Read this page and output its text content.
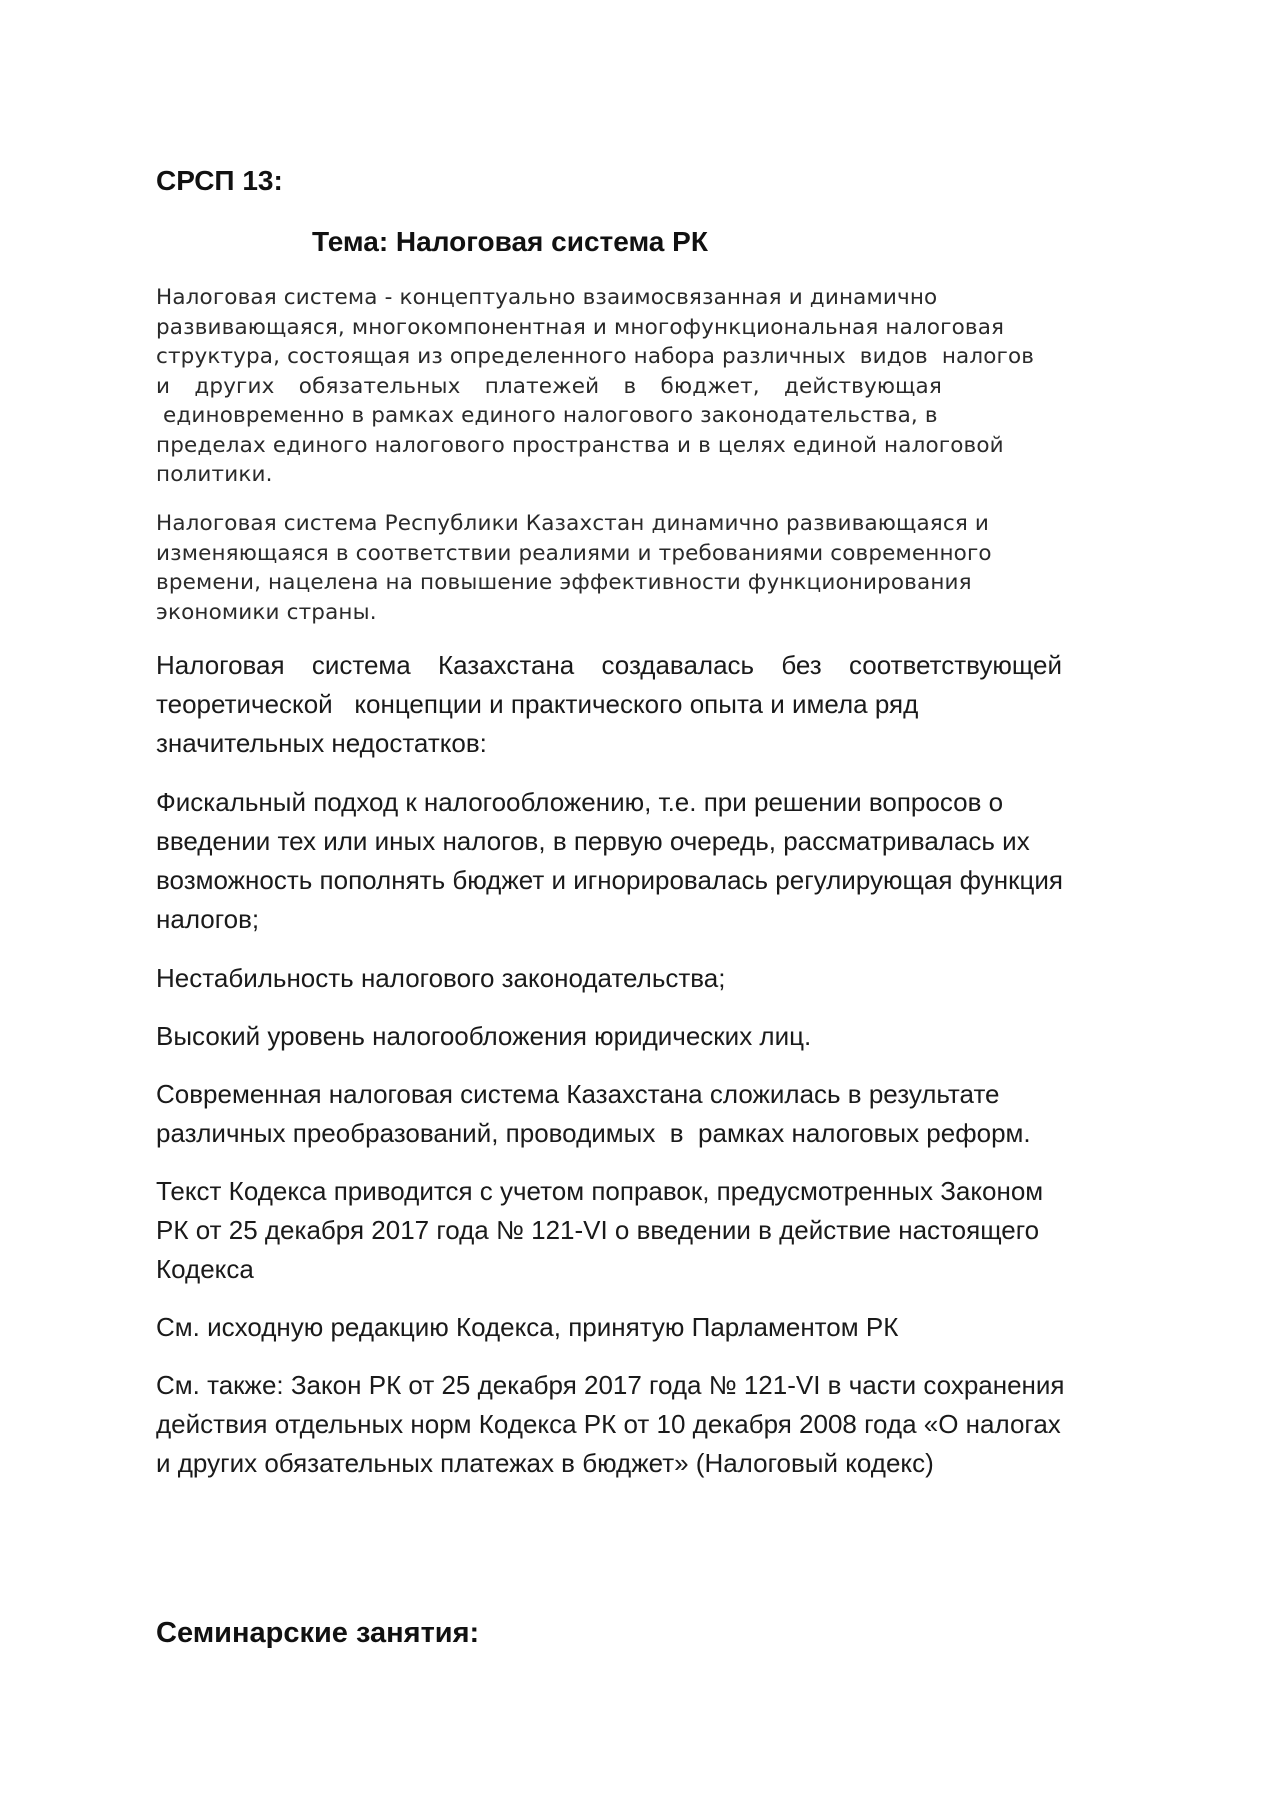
СРСП 13:

Тема: Налоговая система РК

Налоговая система - концептуально взаимосвязанная и динамично
развивающаяся, многокомпонентная и многофункциональная налоговая
структура, состоящая из определенного набора различных  видов  налогов
и других обязательных платежей в бюджет, действующая
единовременно в рамках единого налогового законодательства, в
пределах единого налогового пространства и в целях единой налоговой
политики.
Налоговая система Республики Казахстан динамично развивающаяся и
изменяющаяся в соответствии реалиями и требованиями современного
времени, нацелена на повышение эффективности функционирования
экономики страны.
Налоговая система Казахстана создавалась без соответствующей
теоретической   концепции и практического опыта и имела ряд
значительных недостатков:
Фискальный подход к налогообложению, т.е. при решении вопросов о
введении тех или иных налогов, в первую очередь, рассматривалась их
возможность пополнять бюджет и игнорировалась регулирующая функция
налогов;

Нестабильность налогового законодательства;

Высокий уровень налогообложения юридических лиц.

Современная налоговая система Казахстана сложилась в результате
различных преобразований, проводимых  в  рамках налоговых реформ.
Текст Кодекса приводится с учетом поправок, предусмотренных Законом
РК от 25 декабря 2017 года № 121-VI о введении в действие настоящего
Кодекса

См. исходную редакцию Кодекса, принятую Парламентом РК

См. также: Закон РК от 25 декабря 2017 года № 121-VI в части сохранения
действия отдельных норм Кодекса РК от 10 декабря 2008 года «О налогах
и других обязательных платежах в бюджет» (Налоговый кодекс)

Семинарские занятия:
